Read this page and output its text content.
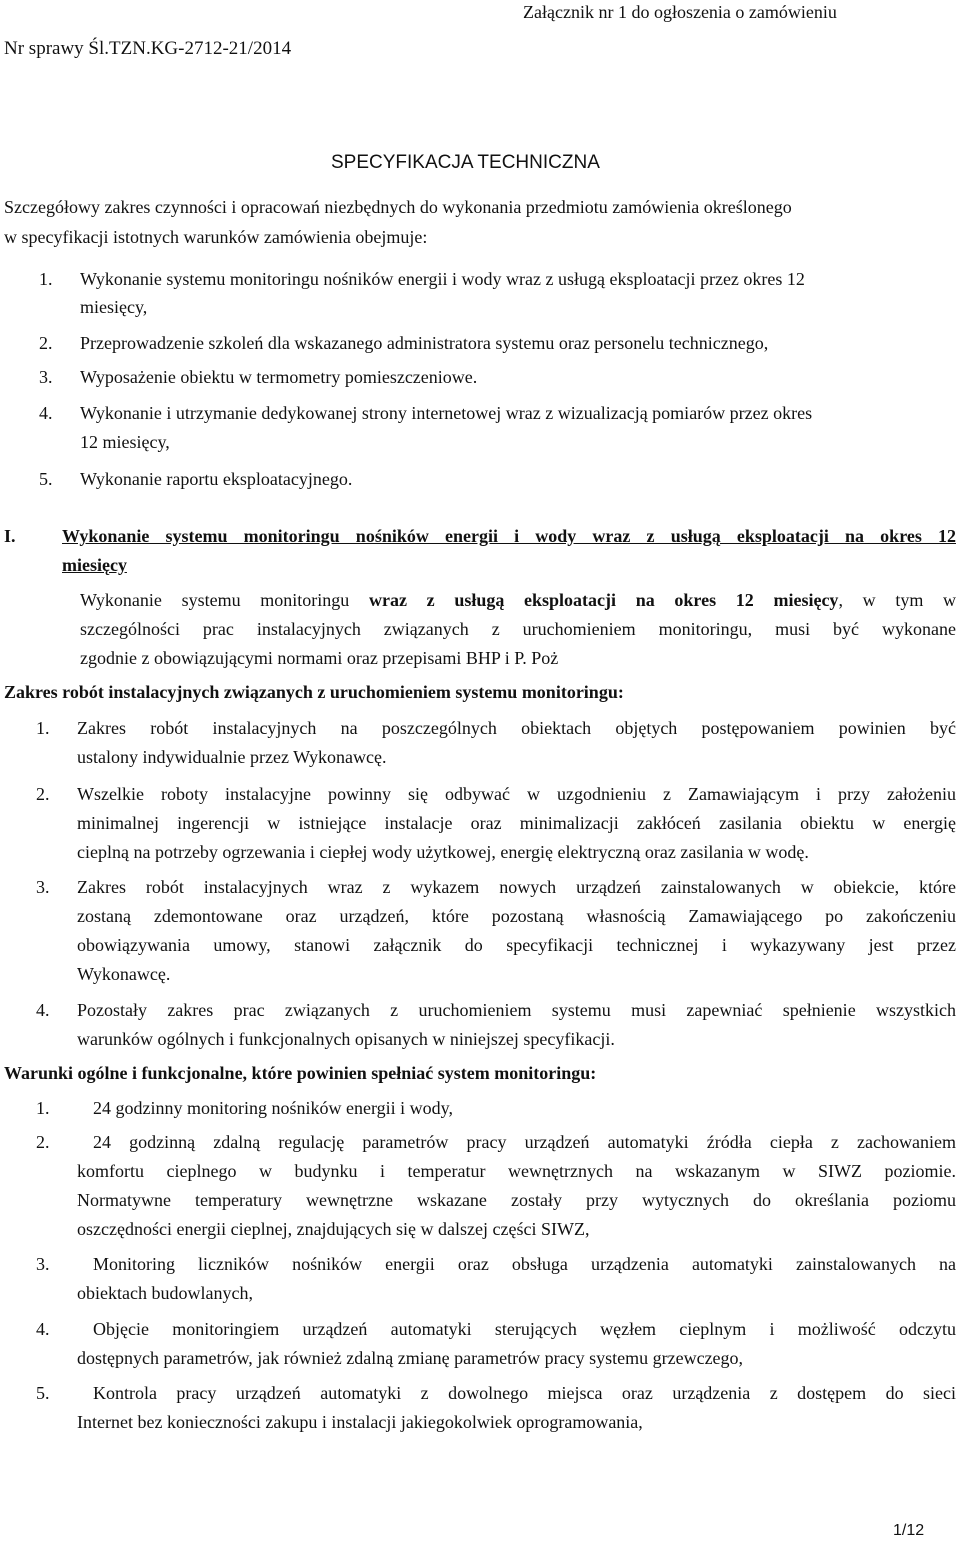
Załącznik nr 1 do ogłoszenia o zamówieniu
Nr sprawy Śl.TZN.KG-2712-21/2014
SPECYFIKACJA TECHNICZNA
Szczegółowy zakres czynności i opracowań niezbędnych do wykonania przedmiotu zamówienia określonego
w specyfikacji istotnych warunków zamówienia obejmuje:
1. Wykonanie systemu monitoringu nośników energii i wody wraz z usługą eksploatacji przez okres 12
miesięcy,
2. Przeprowadzenie szkoleń dla wskazanego administratora systemu oraz personelu technicznego,
3. Wyposażenie obiektu w termometry pomieszczeniowe.
4. Wykonanie i utrzymanie dedykowanej strony internetowej wraz z wizualizacją pomiarów przez okres
12 miesięcy,
5. Wykonanie raportu eksploatacyjnego.
I.	Wykonanie systemu monitoringu nośników energii i wody wraz z usługą eksploatacji na okres 12
miesięcy
Wykonanie systemu monitoringu wraz z usługą eksploatacji na okres 12 miesięcy, w tym w
szczególności prac instalacyjnych związanych z uruchomieniem monitoringu, musi być wykonane
zgodnie z obowiązującymi normami oraz przepisami BHP i P. Poż
Zakres robót instalacyjnych związanych z uruchomieniem systemu monitoringu:
1. Zakres robót instalacyjnych na poszczególnych obiektach objętych postępowaniem powinien być
ustalony indywidualnie przez Wykonawcę.
2. Wszelkie roboty instalacyjne powinny się odbywać w uzgodnieniu z Zamawiającym i przy założeniu
minimalnej ingerencji w istniejące instalacje oraz minimalizacji zakłóceń zasilania obiektu w energię
cieplną na potrzeby ogrzewania i ciepłej wody użytkowej, energię elektryczną oraz zasilania w wodę.
3. Zakres robót instalacyjnych wraz z wykazem nowych urządzeń zainstalowanych w obiekcie, które
zostaną zdemontowane oraz urządzeń, które pozostaną własnością Zamawiającego po zakończeniu
obowiązywania umowy, stanowi załącznik do specyfikacji technicznej i wykazywany jest przez
Wykonawcę.
4. Pozostały zakres prac związanych z uruchomieniem systemu musi zapewniać spełnienie wszystkich
warunków ogólnych i funkcjonalnych opisanych w niniejszej specyfikacji.
Warunki ogólne i funkcjonalne, które powinien spełniać system monitoringu:
1. 24 godzinny monitoring nośników energii i wody,
2. 24 godzinną zdalną regulację parametrów pracy urządzeń automatyki źródła ciepła z zachowaniem
komfortu cieplnego w budynku i temperatur wewnętrznych na wskazanym w SIWZ poziomie.
Normatywne temperatury wewnętrzne wskazane zostały przy wytycznych do określania poziomu
oszczędności energii cieplnej, znajdujących się w dalszej części SIWZ,
3. Monitoring liczników nośników energii oraz obsługa urządzenia automatyki zainstalowanych na
obiektach budowlanych,
4. Objęcie monitoringiem urządzeń automatyki sterujących węzłem cieplnym i możliwość odczytu
dostępnych parametrów, jak również zdalną zmianę parametrów pracy systemu grzewczego,
5. Kontrola pracy urządzeń automatyki z dowolnego miejsca oraz urządzenia z dostępem do sieci
Internet bez konieczności zakupu i instalacji jakiegokolwiek oprogramowania,
1/12
